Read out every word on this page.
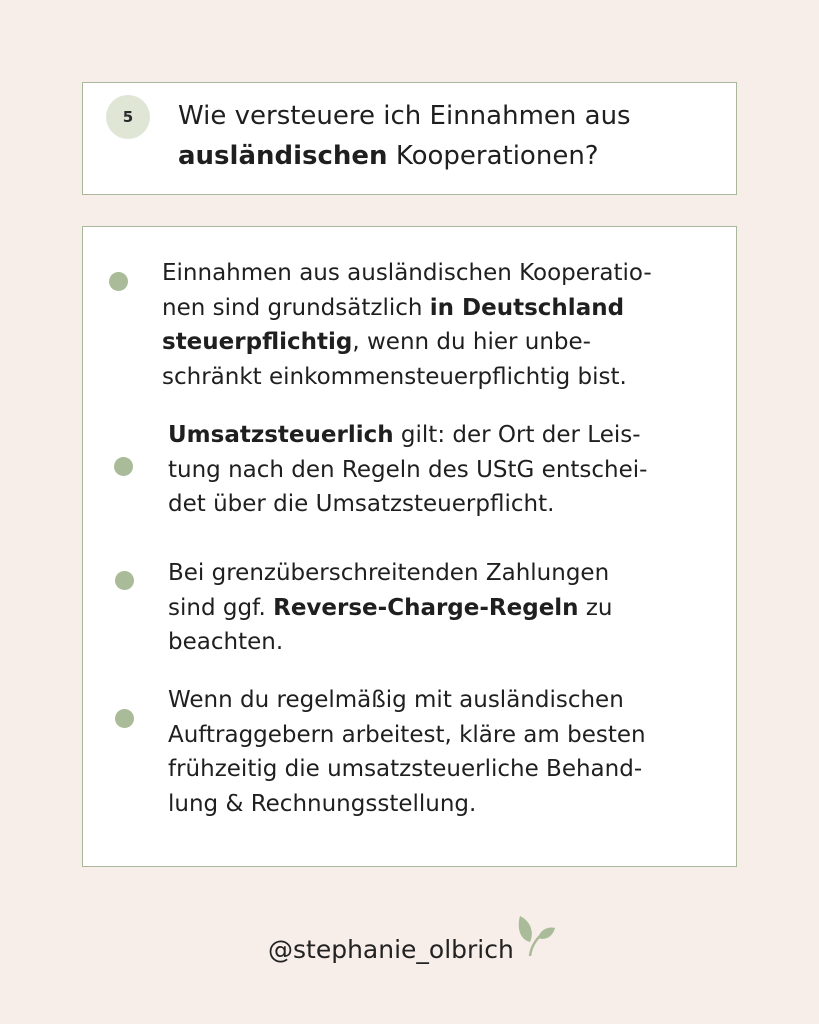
5	Wie versteuere ich Einnahmen aus
ausländischen Kooperationen?

Einnahmen aus ausländischen Kooperatio-
nen sind grundsätzlich in Deutschland
steuerpflichtig, wenn du hier unbe-
schränkt einkommensteuerpflichtig bist.

Umsatzsteuerlich gilt: der Ort der Leis-
tung nach den Regeln des UStG entschei-
det über die Umsatzsteuerpflicht.

Bei grenzüberschreitenden Zahlungen
sind ggf. Reverse-Charge-Regeln zu
beachten.

Wenn du regelmäßig mit ausländischen
Auftraggebern arbeitest, kläre am besten
frühzeitig die umsatzsteuerliche Behand-
lung & Rechnungsstellung.

@stephanie_olbrich
